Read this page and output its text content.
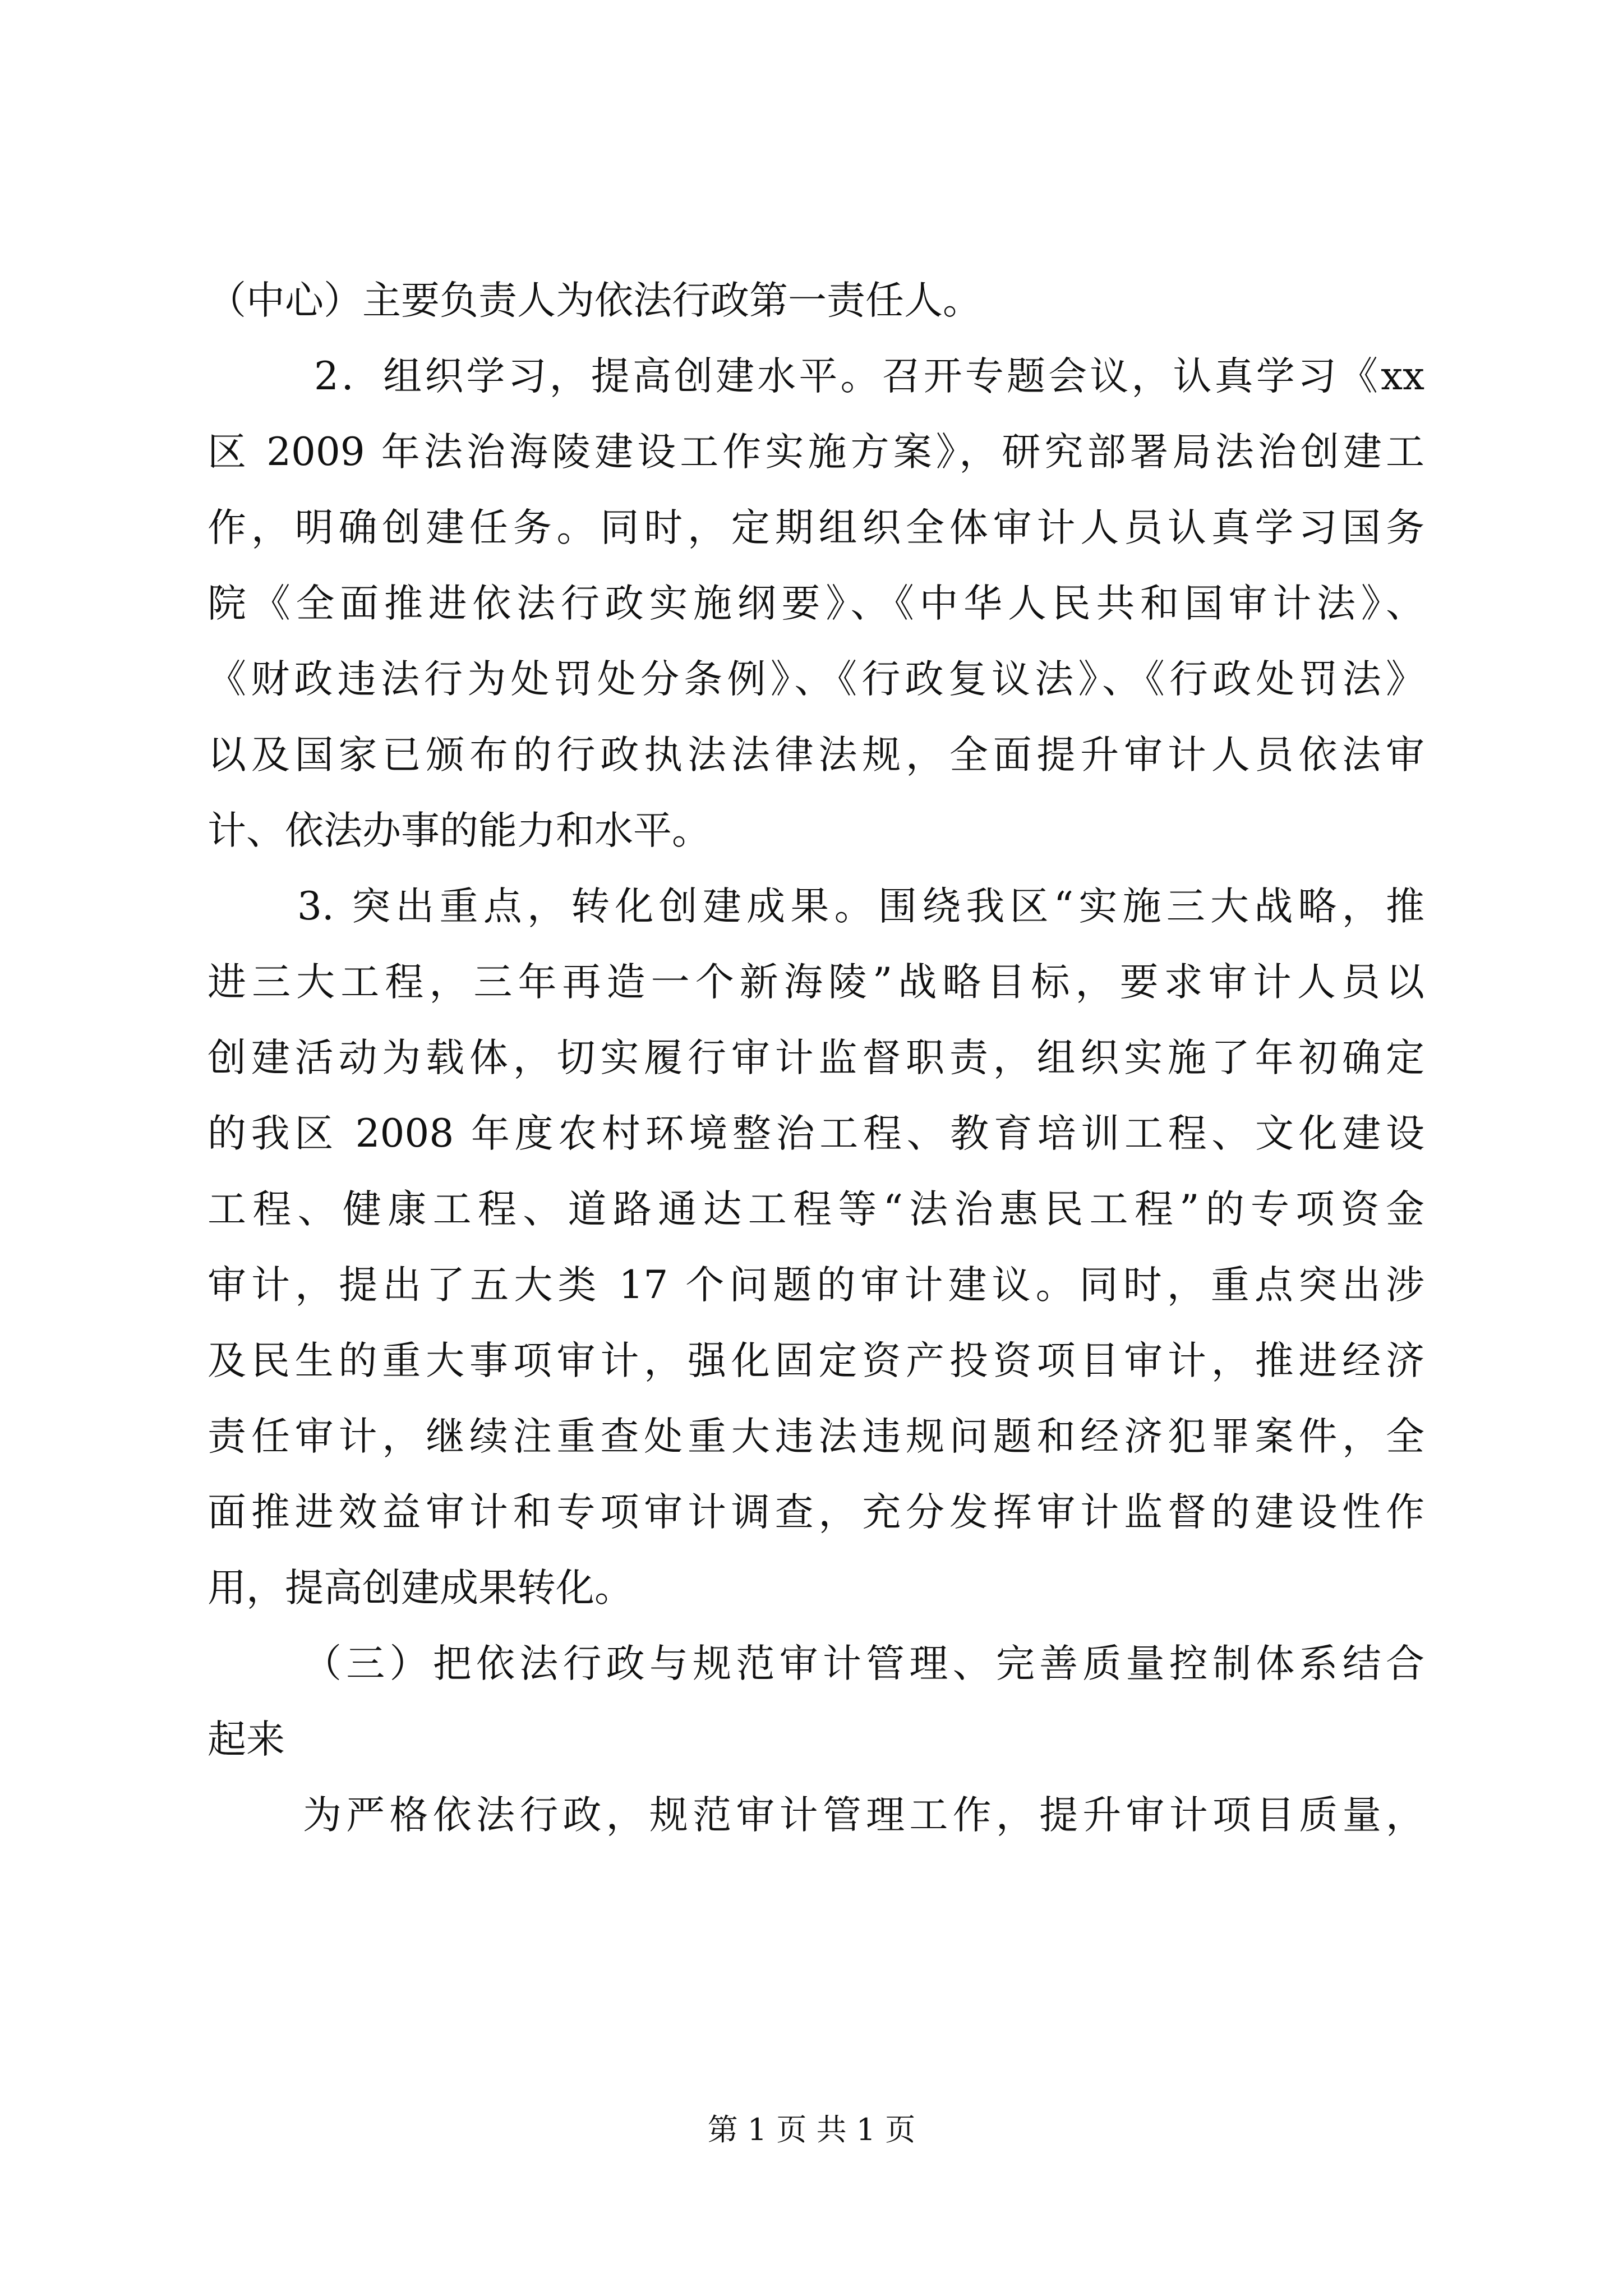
（中心）主要负责人为依法行政第一责任人。
2．组织学习，提高创建水平。召开专题会议，认真学习《xx
区 2009 年法治海陵建设工作实施方案》，研究部署局法治创建工
作，明确创建任务。同时，定期组织全体审计人员认真学习国务
院《全面推进依法行政实施纲要》、《中华人民共和国审计法》、
《财政违法行为处罚处分条例》、《行政复议法》、《行政处罚法》
以及国家已颁布的行政执法法律法规，全面提升审计人员依法审
计、依法办事的能力和水平。
3. 突出重点，转化创建成果。围绕我区“实施三大战略，推
进三大工程，三年再造一个新海陵”战略目标，要求审计人员以
创建活动为载体，切实履行审计监督职责，组织实施了年初确定
的我区 2008 年度农村环境整治工程、教育培训工程、文化建设
工程、健康工程、道路通达工程等“法治惠民工程”的专项资金
审计，提出了五大类 17 个问题的审计建议。同时，重点突出涉
及民生的重大事项审计，强化固定资产投资项目审计，推进经济
责任审计，继续注重查处重大违法违规问题和经济犯罪案件，全
面推进效益审计和专项审计调查，充分发挥审计监督的建设性作
用，提高创建成果转化。
（三）把依法行政与规范审计管理、完善质量控制体系结合
起来
为严格依法行政，规范审计管理工作，提升审计项目质量，
第 1 页 共 1 页
